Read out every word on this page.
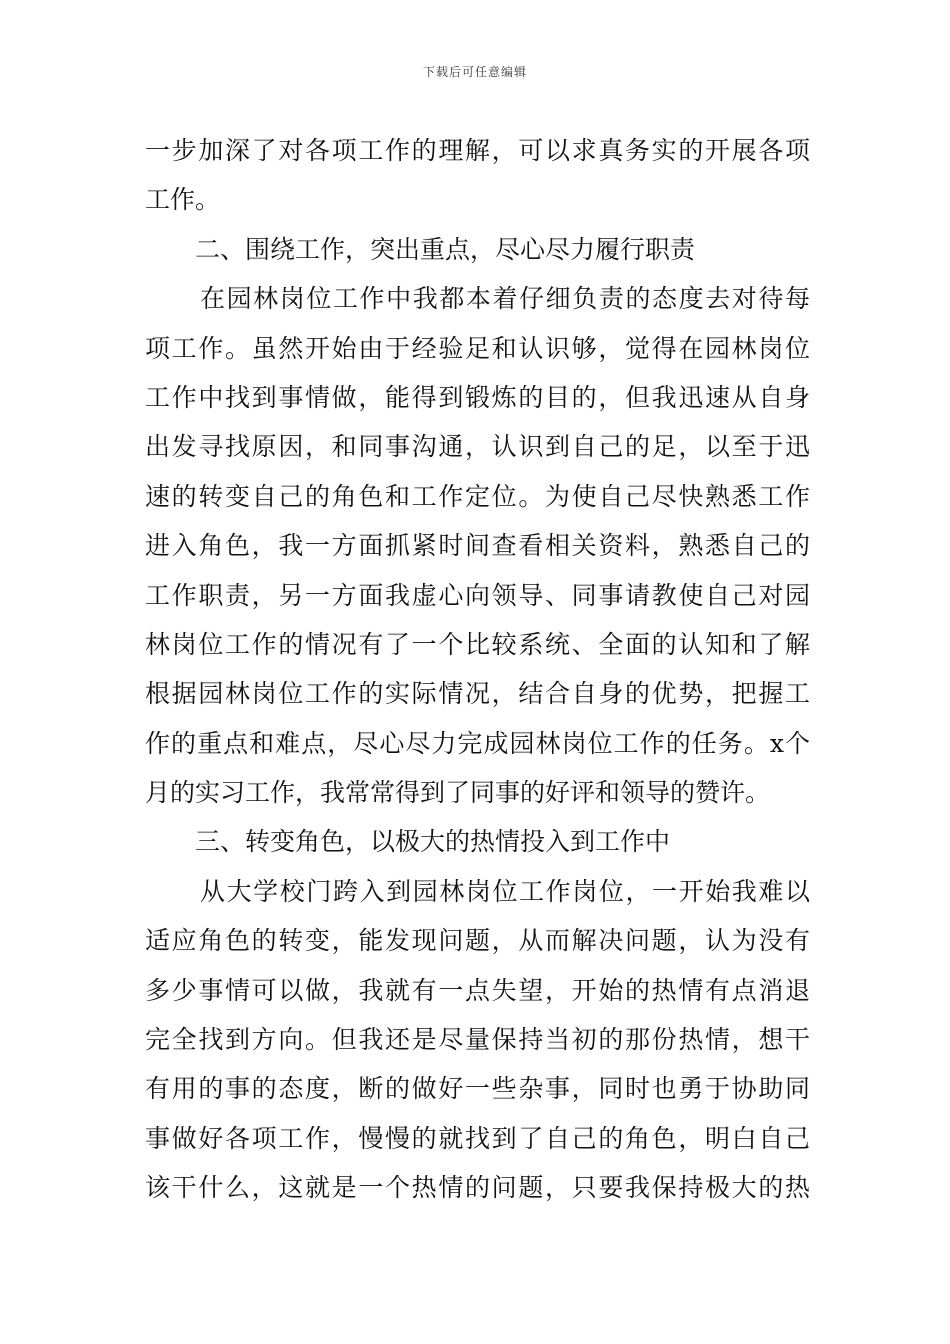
下载后可任意编辑
一步加深了对各项工作的理解，可以求真务实的开展各项
工作。
二、围绕工作，突出重点，尽心尽力履行职责
在园林岗位工作中我都本着仔细负责的态度去对待每
项工作。虽然开始由于经验足和认识够，觉得在园林岗位
工作中找到事情做，能得到锻炼的目的，但我迅速从自身
出发寻找原因，和同事沟通，认识到自己的足，以至于迅
速的转变自己的角色和工作定位。为使自己尽快熟悉工作
进入角色，我一方面抓紧时间查看相关资料，熟悉自己的
工作职责，另一方面我虚心向领导、同事请教使自己对园
林岗位工作的情况有了一个比较系统、全面的认知和了解
根据园林岗位工作的实际情况，结合自身的优势，把握工
作的重点和难点，尽心尽力完成园林岗位工作的任务。x个
月的实习工作，我常常得到了同事的好评和领导的赞许。
三、转变角色，以极大的热情投入到工作中
从大学校门跨入到园林岗位工作岗位，一开始我难以
适应角色的转变，能发现问题，从而解决问题，认为没有
多少事情可以做，我就有一点失望，开始的热情有点消退
完全找到方向。但我还是尽量保持当初的那份热情，想干
有用的事的态度，断的做好一些杂事，同时也勇于协助同
事做好各项工作，慢慢的就找到了自己的角色，明白自己
该干什么，这就是一个热情的问题，只要我保持极大的热
